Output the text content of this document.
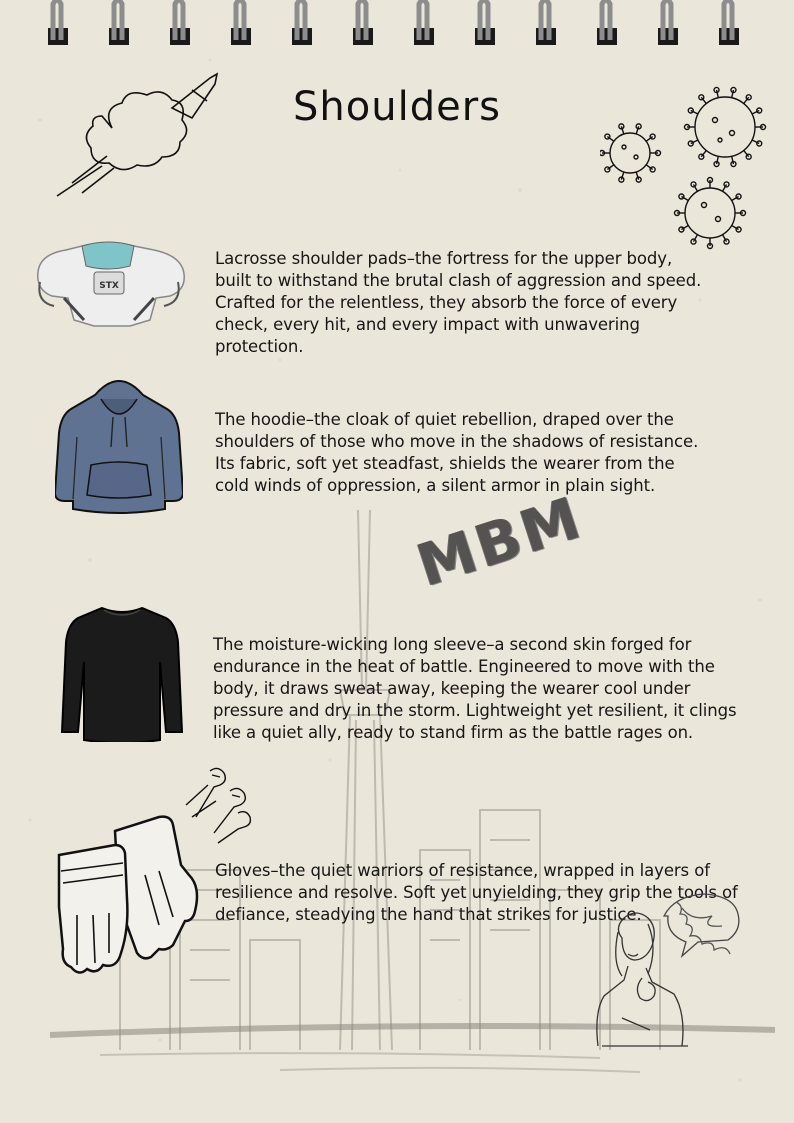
Shoulders
STX

Lacrosse shoulder pads–the fortress for the upper body, built to withstand the brutal clash of aggression and speed. Crafted for the relentless, they absorb the force of every check, every hit, and every impact with unwavering protection.

The hoodie–the cloak of quiet rebellion, draped over the shoulders of those who move in the shadows of resistance. Its fabric, soft yet steadfast, shields the wearer from the cold winds of oppression, a silent armor in plain sight.

MBM

The moisture-wicking long sleeve–a second skin forged for endurance in the heat of battle. Engineered to move with the body, it draws sweat away, keeping the wearer cool under pressure and dry in the storm. Lightweight yet resilient, it clings like a quiet ally, ready to stand firm as the battle rages on.

Gloves–the quiet warriors of resistance, wrapped in layers of resilience and resolve. Soft yet unyielding, they grip the tools of defiance, steadying the hand that strikes for justice.
